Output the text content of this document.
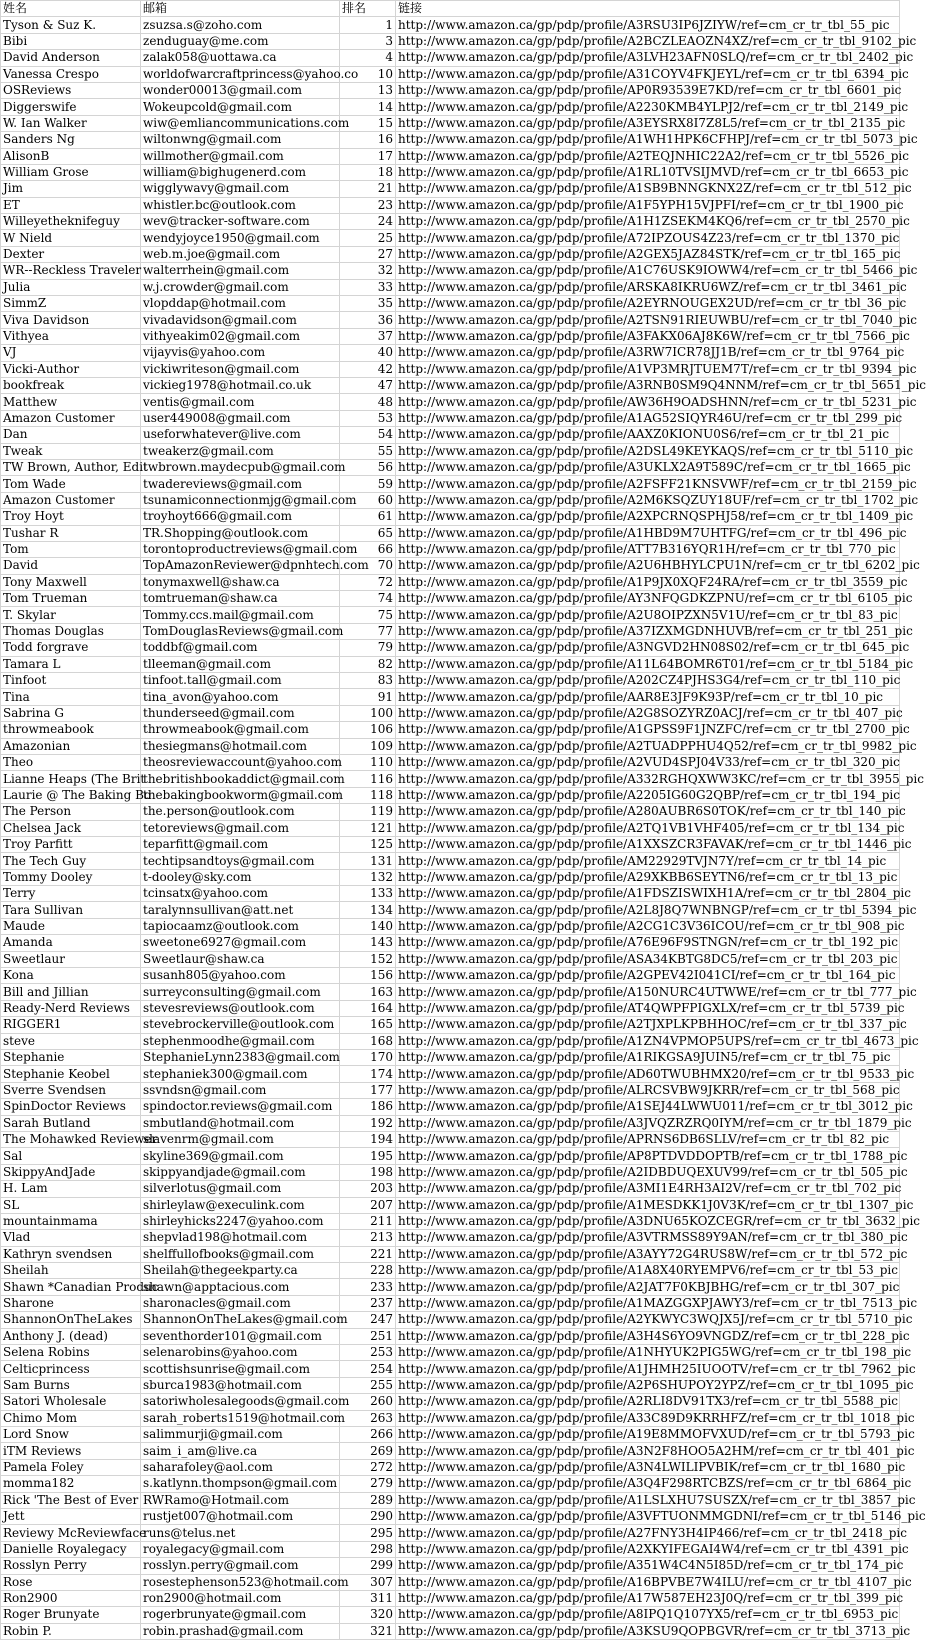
姓名	邮箱	排名	链接
Tyson & Suz K.	zsuzsa.s@zoho.com	1	http://www.amazon.ca/gp/pdp/profile/A3RSU3IP6JZIYW/ref=cm_cr_tr_tbl_55_pic
Bibi	zenduguay@me.com	3	http://www.amazon.ca/gp/pdp/profile/A2BCZLEAOZN4XZ/ref=cm_cr_tr_tbl_9102_pic
David Anderson	zalak058@uottawa.ca	4	http://www.amazon.ca/gp/pdp/profile/A3LVH23AFN0SLQ/ref=cm_cr_tr_tbl_2402_pic
Vanessa Crespo	worldofwarcraftprincess@yahoo.co	10	http://www.amazon.ca/gp/pdp/profile/A31COYV4FKJEYL/ref=cm_cr_tr_tbl_6394_pic
OSReviews	wonder00013@gmail.com	13	http://www.amazon.ca/gp/pdp/profile/AP0R93539E7KD/ref=cm_cr_tr_tbl_6601_pic
Diggerswife	Wokeupcold@gmail.com	14	http://www.amazon.ca/gp/pdp/profile/A2230KMB4YLPJ2/ref=cm_cr_tr_tbl_2149_pic
W. Ian Walker	wiw@emliancommunications.com	15	http://www.amazon.ca/gp/pdp/profile/A3EYSRX8I7Z8L5/ref=cm_cr_tr_tbl_2135_pic
Sanders Ng	wiltonwng@gmail.com	16	http://www.amazon.ca/gp/pdp/profile/A1WH1HPK6CFHPJ/ref=cm_cr_tr_tbl_5073_pic
AlisonB	willmother@gmail.com	17	http://www.amazon.ca/gp/pdp/profile/A2TEQJNHIC22A2/ref=cm_cr_tr_tbl_5526_pic
William Grose	william@bighugenerd.com	18	http://www.amazon.ca/gp/pdp/profile/A1RL10TVSIJMVD/ref=cm_cr_tr_tbl_6653_pic
Jim	wigglywavy@gmail.com	21	http://www.amazon.ca/gp/pdp/profile/A1SB9BNNGKNX2Z/ref=cm_cr_tr_tbl_512_pic
ET	whistler.bc@outlook.com	23	http://www.amazon.ca/gp/pdp/profile/A1F5YPH15VJPFI/ref=cm_cr_tr_tbl_1900_pic
Willeyetheknifeguy	wev@tracker-software.com	24	http://www.amazon.ca/gp/pdp/profile/A1H1ZSEKM4KQ6/ref=cm_cr_tr_tbl_2570_pic
W Nield	wendyjoyce1950@gmail.com	25	http://www.amazon.ca/gp/pdp/profile/A72IPZOUS4Z23/ref=cm_cr_tr_tbl_1370_pic
Dexter	web.m.joe@gmail.com	27	http://www.amazon.ca/gp/pdp/profile/A2GEX5JAZ84STK/ref=cm_cr_tr_tbl_165_pic
WR--Reckless Traveler	walterrhein@gmail.com	32	http://www.amazon.ca/gp/pdp/profile/A1C76USK9IOWW4/ref=cm_cr_tr_tbl_5466_pic
Julia	w.j.crowder@gmail.com	33	http://www.amazon.ca/gp/pdp/profile/ARSKA8IKRU6WZ/ref=cm_cr_tr_tbl_3461_pic
SimmZ	vlopddap@hotmail.com	35	http://www.amazon.ca/gp/pdp/profile/A2EYRNOUGEX2UD/ref=cm_cr_tr_tbl_36_pic
Viva Davidson	vivadavidson@gmail.com	36	http://www.amazon.ca/gp/pdp/profile/A2TSN91RIEUWBU/ref=cm_cr_tr_tbl_7040_pic
Vithyea	vithyeakim02@gmail.com	37	http://www.amazon.ca/gp/pdp/profile/A3FAKX06AJ8K6W/ref=cm_cr_tr_tbl_7566_pic
VJ	vijayvis@yahoo.com	40	http://www.amazon.ca/gp/pdp/profile/A3RW7ICR78JJ1B/ref=cm_cr_tr_tbl_9764_pic
Vicki-Author	vickiwriteson@gmail.com	42	http://www.amazon.ca/gp/pdp/profile/A1VP3MRJTUEM7T/ref=cm_cr_tr_tbl_9394_pic
bookfreak	vickieg1978@hotmail.co.uk	47	http://www.amazon.ca/gp/pdp/profile/A3RNB0SM9Q4NNM/ref=cm_cr_tr_tbl_5651_pic
Matthew	ventis@gmail.com	48	http://www.amazon.ca/gp/pdp/profile/AW36H9OADSHNN/ref=cm_cr_tr_tbl_5231_pic
Amazon Customer	user449008@gmail.com	53	http://www.amazon.ca/gp/pdp/profile/A1AG52SIQYR46U/ref=cm_cr_tr_tbl_299_pic
Dan	useforwhatever@live.com	54	http://www.amazon.ca/gp/pdp/profile/AAXZ0KIONU0S6/ref=cm_cr_tr_tbl_21_pic
Tweak	tweakerz@gmail.com	55	http://www.amazon.ca/gp/pdp/profile/A2DSL49KEYKAQS/ref=cm_cr_tr_tbl_5110_pic
TW Brown, Author, Edit	twbrown.maydecpub@gmail.com	56	http://www.amazon.ca/gp/pdp/profile/A3UKLX2A9T589C/ref=cm_cr_tr_tbl_1665_pic
Tom Wade	twadereviews@gmail.com	59	http://www.amazon.ca/gp/pdp/profile/A2FSFF21KNSVWF/ref=cm_cr_tr_tbl_2159_pic
Amazon Customer	tsunamiconnectionmjg@gmail.com	60	http://www.amazon.ca/gp/pdp/profile/A2M6KSQZUY18UF/ref=cm_cr_tr_tbl_1702_pic
Troy Hoyt	troyhoyt666@gmail.com	61	http://www.amazon.ca/gp/pdp/profile/A2XPCRNQSPHJ58/ref=cm_cr_tr_tbl_1409_pic
Tushar R	TR.Shopping@outlook.com	65	http://www.amazon.ca/gp/pdp/profile/A1HBD9M7UHTFG/ref=cm_cr_tr_tbl_496_pic
Tom	torontoproductreviews@gmail.com	66	http://www.amazon.ca/gp/pdp/profile/ATT7B316YQR1H/ref=cm_cr_tr_tbl_770_pic
David	TopAmazonReviewer@dpnhtech.com	70	http://www.amazon.ca/gp/pdp/profile/A2U6HBHYLCPU1N/ref=cm_cr_tr_tbl_6202_pic
Tony Maxwell	tonymaxwell@shaw.ca	72	http://www.amazon.ca/gp/pdp/profile/A1P9JX0XQF24RA/ref=cm_cr_tr_tbl_3559_pic
Tom Trueman	tomtrueman@shaw.ca	74	http://www.amazon.ca/gp/pdp/profile/AY3NFQGDKZPNU/ref=cm_cr_tr_tbl_6105_pic
T. Skylar	Tommy.ccs.mail@gmail.com	75	http://www.amazon.ca/gp/pdp/profile/A2U8OIPZXN5V1U/ref=cm_cr_tr_tbl_83_pic
Thomas Douglas	TomDouglasReviews@gmail.com	77	http://www.amazon.ca/gp/pdp/profile/A37IZXMGDNHUVB/ref=cm_cr_tr_tbl_251_pic
Todd forgrave	toddbf@gmail.com	79	http://www.amazon.ca/gp/pdp/profile/A3NGVD2HN08S02/ref=cm_cr_tr_tbl_645_pic
Tamara L	tlleeman@gmail.com	82	http://www.amazon.ca/gp/pdp/profile/A11L64BOMR6T01/ref=cm_cr_tr_tbl_5184_pic
Tinfoot	tinfoot.tall@gmail.com	83	http://www.amazon.ca/gp/pdp/profile/A202CZ4PJHS3G4/ref=cm_cr_tr_tbl_110_pic
Tina	tina_avon@yahoo.com	91	http://www.amazon.ca/gp/pdp/profile/AAR8E3JF9K93P/ref=cm_cr_tr_tbl_10_pic
Sabrina G	thunderseed@gmail.com	100	http://www.amazon.ca/gp/pdp/profile/A2G8SOZYRZ0ACJ/ref=cm_cr_tr_tbl_407_pic
throwmeabook	throwmeabook@gmail.com	106	http://www.amazon.ca/gp/pdp/profile/A1GPSS9F1JNZFC/ref=cm_cr_tr_tbl_2700_pic
Amazonian	thesiegmans@hotmail.com	109	http://www.amazon.ca/gp/pdp/profile/A2TUADPPHU4Q52/ref=cm_cr_tr_tbl_9982_pic
Theo	theosreviewaccount@yahoo.com	110	http://www.amazon.ca/gp/pdp/profile/A2VUD4SPJ04V33/ref=cm_cr_tr_tbl_320_pic
Lianne Heaps (The Brit	thebritishbookaddict@gmail.com	116	http://www.amazon.ca/gp/pdp/profile/A332RGHQXWW3KC/ref=cm_cr_tr_tbl_3955_pic
Laurie @ The Baking Bo	thebakingbookworm@gmail.com	118	http://www.amazon.ca/gp/pdp/profile/A2205IG60G2QBP/ref=cm_cr_tr_tbl_194_pic
The Person	the.person@outlook.com	119	http://www.amazon.ca/gp/pdp/profile/A280AUBR6S0TOK/ref=cm_cr_tr_tbl_140_pic
Chelsea Jack	tetoreviews@gmail.com	121	http://www.amazon.ca/gp/pdp/profile/A2TQ1VB1VHF405/ref=cm_cr_tr_tbl_134_pic
Troy Parfitt	teparfitt@gmail.com	125	http://www.amazon.ca/gp/pdp/profile/A1XXSZCR3FAVAK/ref=cm_cr_tr_tbl_1446_pic
The Tech Guy	techtipsandtoys@gmail.com	131	http://www.amazon.ca/gp/pdp/profile/AM22929TVJN7Y/ref=cm_cr_tr_tbl_14_pic
Tommy Dooley	t-dooley@sky.com	132	http://www.amazon.ca/gp/pdp/profile/A29XKBB6SEYTN6/ref=cm_cr_tr_tbl_13_pic
Terry	tcinsatx@yahoo.com	133	http://www.amazon.ca/gp/pdp/profile/A1FDSZISWIXH1A/ref=cm_cr_tr_tbl_2804_pic
Tara Sullivan	taralynnsullivan@att.net	134	http://www.amazon.ca/gp/pdp/profile/A2L8J8Q7WNBNGP/ref=cm_cr_tr_tbl_5394_pic
Maude	tapiocaamz@outlook.com	140	http://www.amazon.ca/gp/pdp/profile/A2CG1C3V36ICOU/ref=cm_cr_tr_tbl_908_pic
Amanda	sweetone6927@gmail.com	143	http://www.amazon.ca/gp/pdp/profile/A76E96F9STNGN/ref=cm_cr_tr_tbl_192_pic
Sweetlaur	Sweetlaur@shaw.ca	152	http://www.amazon.ca/gp/pdp/profile/ASA34KBTG8DC5/ref=cm_cr_tr_tbl_203_pic
Kona	susanh805@yahoo.com	156	http://www.amazon.ca/gp/pdp/profile/A2GPEV42I041CI/ref=cm_cr_tr_tbl_164_pic
Bill and Jillian	surreyconsulting@gmail.com	163	http://www.amazon.ca/gp/pdp/profile/A150NURC4UTWWE/ref=cm_cr_tr_tbl_777_pic
Ready-Nerd Reviews	stevesreviews@outlook.com	164	http://www.amazon.ca/gp/pdp/profile/AT4QWPFPIGXLX/ref=cm_cr_tr_tbl_5739_pic
RIGGER1	stevebrockerville@outlook.com	165	http://www.amazon.ca/gp/pdp/profile/A2TJXPLKPBHHOC/ref=cm_cr_tr_tbl_337_pic
steve	stephenmoodhe@gmail.com	168	http://www.amazon.ca/gp/pdp/profile/A1ZN4VPMOP5UPS/ref=cm_cr_tr_tbl_4673_pic
Stephanie	StephanieLynn2383@gmail.com	170	http://www.amazon.ca/gp/pdp/profile/A1RIKGSA9JUIN5/ref=cm_cr_tr_tbl_75_pic
Stephanie Keobel	stephaniek300@gmail.com	174	http://www.amazon.ca/gp/pdp/profile/AD60TWUBHMX20/ref=cm_cr_tr_tbl_9533_pic
Sverre Svendsen	ssvndsn@gmail.com	177	http://www.amazon.ca/gp/pdp/profile/ALRCSVBW9JKRR/ref=cm_cr_tr_tbl_568_pic
SpinDoctor Reviews	spindoctor.reviews@gmail.com	186	http://www.amazon.ca/gp/pdp/profile/A1SEJ44LWWU011/ref=cm_cr_tr_tbl_3012_pic
Sarah Butland	smbutland@hotmail.com	192	http://www.amazon.ca/gp/pdp/profile/A3JVQZRZRQ0IYM/ref=cm_cr_tr_tbl_1879_pic
The Mohawked Reviewer	slavenrm@gmail.com	194	http://www.amazon.ca/gp/pdp/profile/APRNS6DB6SLLV/ref=cm_cr_tr_tbl_82_pic
Sal	skyline369@gmail.com	195	http://www.amazon.ca/gp/pdp/profile/AP8PTDVDDOPTB/ref=cm_cr_tr_tbl_1788_pic
SkippyAndJade	skippyandjade@gmail.com	198	http://www.amazon.ca/gp/pdp/profile/A2IDBDUQEXUV99/ref=cm_cr_tr_tbl_505_pic
H. Lam	silverlotus@gmail.com	203	http://www.amazon.ca/gp/pdp/profile/A3MI1E4RH3AI2V/ref=cm_cr_tr_tbl_702_pic
SL	shirleylaw@execulink.com	207	http://www.amazon.ca/gp/pdp/profile/A1MESDKK1J0V3K/ref=cm_cr_tr_tbl_1307_pic
mountainmama	shirleyhicks2247@yahoo.com	211	http://www.amazon.ca/gp/pdp/profile/A3DNU65KOZCEGR/ref=cm_cr_tr_tbl_3632_pic
Vlad	shepvlad198@hotmail.com	213	http://www.amazon.ca/gp/pdp/profile/A3VTRMSS89Y9AN/ref=cm_cr_tr_tbl_380_pic
Kathryn svendsen	shelffullofbooks@gmail.com	221	http://www.amazon.ca/gp/pdp/profile/A3AYY72G4RUS8W/ref=cm_cr_tr_tbl_572_pic
Sheilah	Sheilah@thegeekparty.ca	228	http://www.amazon.ca/gp/pdp/profile/A1A8X40RYEMPV6/ref=cm_cr_tr_tbl_53_pic
Shawn *Canadian Produc	shawn@apptacious.com	233	http://www.amazon.ca/gp/pdp/profile/A2JAT7F0KBJBHG/ref=cm_cr_tr_tbl_307_pic
Sharone	sharonacles@gmail.com	237	http://www.amazon.ca/gp/pdp/profile/A1MAZGGXPJAWY3/ref=cm_cr_tr_tbl_7513_pic
ShannonOnTheLakes	ShannonOnTheLakes@gmail.com	247	http://www.amazon.ca/gp/pdp/profile/A2YKWYC3WQJX5J/ref=cm_cr_tr_tbl_5710_pic
Anthony J. (dead)	seventhorder101@gmail.com	251	http://www.amazon.ca/gp/pdp/profile/A3H4S6YO9VNGDZ/ref=cm_cr_tr_tbl_228_pic
Selena Robins	selenarobins@yahoo.com	253	http://www.amazon.ca/gp/pdp/profile/A1NHYUK2PIG5WG/ref=cm_cr_tr_tbl_198_pic
Celticprincess	scottishsunrise@gmail.com	254	http://www.amazon.ca/gp/pdp/profile/A1JHMH25IUOOTV/ref=cm_cr_tr_tbl_7962_pic
Sam Burns	sburca1983@hotmail.com	255	http://www.amazon.ca/gp/pdp/profile/A2P6SHUPOY2YPZ/ref=cm_cr_tr_tbl_1095_pic
Satori Wholesale	satoriwholesalegoods@gmail.com	260	http://www.amazon.ca/gp/pdp/profile/A2RLI8DV91TX3/ref=cm_cr_tr_tbl_5588_pic
Chimo Mom	sarah_roberts1519@hotmail.com	263	http://www.amazon.ca/gp/pdp/profile/A33C89D9KRRHFZ/ref=cm_cr_tr_tbl_1018_pic
Lord Snow	salimmurji@gmail.com	266	http://www.amazon.ca/gp/pdp/profile/A19E8MMOFVXUD/ref=cm_cr_tr_tbl_5793_pic
iTM Reviews	saim_i_am@live.ca	269	http://www.amazon.ca/gp/pdp/profile/A3N2F8HOO5A2HM/ref=cm_cr_tr_tbl_401_pic
Pamela Foley	saharafoley@aol.com	272	http://www.amazon.ca/gp/pdp/profile/A3N4LWILIPVBIK/ref=cm_cr_tr_tbl_1680_pic
momma182	s.katlynn.thompson@gmail.com	279	http://www.amazon.ca/gp/pdp/profile/A3Q4F298RTCBZS/ref=cm_cr_tr_tbl_6864_pic
Rick 'The Best of Ever	RWRamo@Hotmail.com	289	http://www.amazon.ca/gp/pdp/profile/A1LSLXHU7SUSZX/ref=cm_cr_tr_tbl_3857_pic
Jett	rustjet007@hotmail.com	290	http://www.amazon.ca/gp/pdp/profile/A3VFTUONMMGDNI/ref=cm_cr_tr_tbl_5146_pic
Reviewy McReviewface	runs@telus.net	295	http://www.amazon.ca/gp/pdp/profile/A27FNY3H4IP466/ref=cm_cr_tr_tbl_2418_pic
Danielle Royalegacy	royalegacy@gmail.com	298	http://www.amazon.ca/gp/pdp/profile/A2XKYIFEGAI4W4/ref=cm_cr_tr_tbl_4391_pic
Rosslyn Perry	rosslyn.perry@gmail.com	299	http://www.amazon.ca/gp/pdp/profile/A351W4C4N5I85D/ref=cm_cr_tr_tbl_174_pic
Rose	rosestephenson523@hotmail.com	307	http://www.amazon.ca/gp/pdp/profile/A16BPVBE7W4ILU/ref=cm_cr_tr_tbl_4107_pic
Ron2900	ron2900@hotmail.com	311	http://www.amazon.ca/gp/pdp/profile/A17W587EH23J0Q/ref=cm_cr_tr_tbl_399_pic
Roger Brunyate	rogerbrunyate@gmail.com	320	http://www.amazon.ca/gp/pdp/profile/A8IPQ1Q107YX5/ref=cm_cr_tr_tbl_6953_pic
Robin P.	robin.prashad@gmail.com	321	http://www.amazon.ca/gp/pdp/profile/A3KSU9QOPBGVR/ref=cm_cr_tr_tbl_3713_pic
